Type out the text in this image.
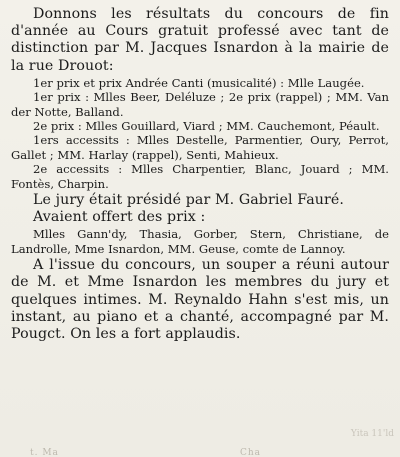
Donnons les résultats du concours de fin d'année au Cours gratuit professé avec tant de distinction par M. Jacques Isnardon à la mairie de la rue Drouot:

1er prix et prix Andrée Canti (musicalité) : Mlle Laugée.

1er prix : Mlles Beer, Deléluze ; 2e prix (rappel) ; MM. Van der Notte, Balland.

2e prix : Mlles Gouillard, Viard ; MM. Cauchemont, Péault.

1ers accessits : Mlles Destelle, Parmentier, Oury, Perrot, Gallet ; MM. Harlay (rappel), Senti, Mahieux.

2e accessits : Mlles Charpentier, Blanc, Jouard ; MM. Fontès, Charpin.

Le jury était présidé par M. Gabriel Fauré.

Avaient offert des prix :

Mlles Gann'dy, Thasia, Gorber, Stern, Christiane, de Landrolle, Mme Isnardon, MM. Geuse, comte de Lannoy.

A l'issue du concours, un souper a réuni autour de M. et Mme Isnardon les membres du jury et quelques intimes. M. Reynaldo Hahn s'est mis, un instant, au piano et a chanté, accompagné par M. Pougct. On les a fort applaudis.

Yita 11'ld
t. Ma	Cha
